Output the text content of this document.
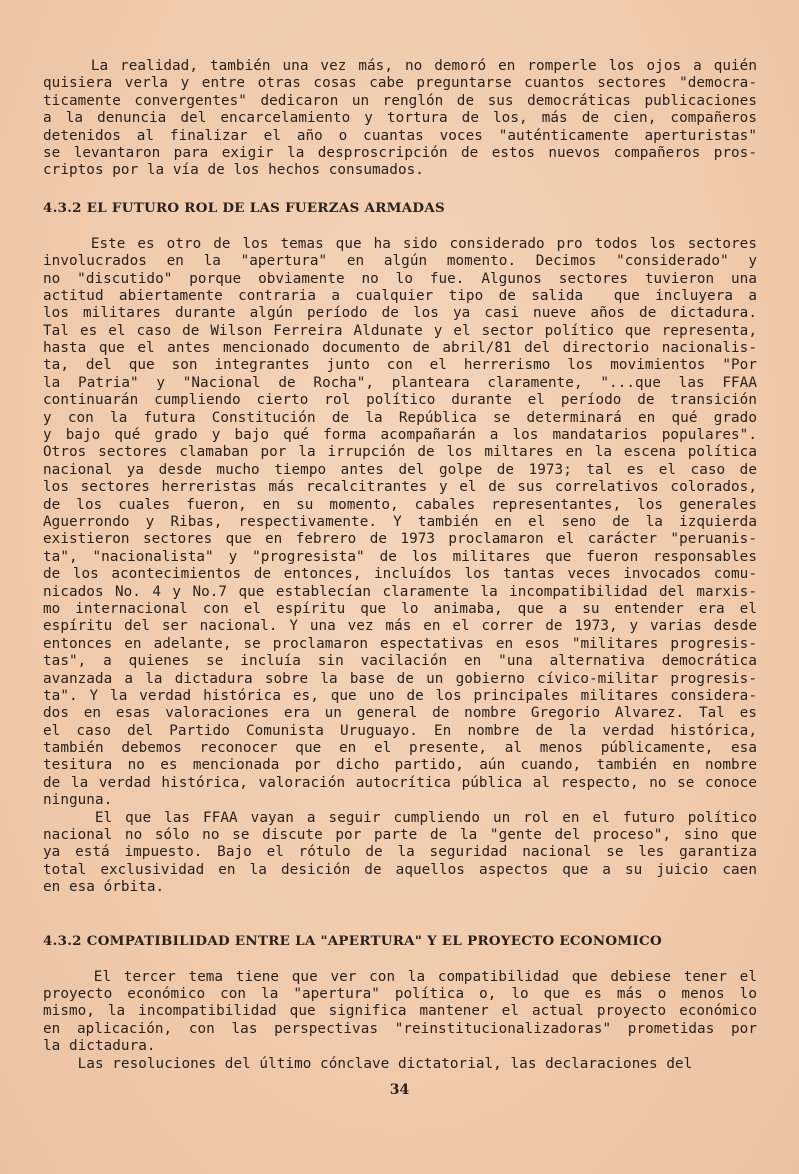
La realidad, también una vez más, no demoró en romperle los ojos a quién
quisiera verla y entre otras cosas cabe preguntarse cuantos sectores "democra-
ticamente convergentes" dedicaron un renglón de sus democráticas publicaciones
a la denuncia del encarcelamiento y tortura de los, más de cien, compañeros
detenidos al finalizar el año o cuantas voces "auténticamente aperturistas"
se levantaron para exigir la desproscripción de estos nuevos compañeros pros-
criptos por la vía de los hechos consumados.
4.3.2 EL FUTURO ROL DE LAS FUERZAS ARMADAS
Este es otro de los temas que ha sido considerado pro todos los sectores
involucrados en la "apertura" en algún momento. Decimos "considerado" y
no "discutido" porque obviamente no lo fue. Algunos sectores tuvieron una
actitud abiertamente contraria a cualquier tipo de salida  que incluyera a
los militares durante algún período de los ya casi nueve años de dictadura.
Tal es el caso de Wilson Ferreira Aldunate y el sector político que representa,
hasta que el antes mencionado documento de abril/81 del directorio nacionalis-
ta, del que son integrantes junto con el herrerismo los movimientos "Por
la Patria" y "Nacional de Rocha", planteara claramente, "...que las FFAA
continuarán cumpliendo cierto rol político durante el período de transición
y con la futura Constitución de la República se determinará en qué grado
y bajo qué grado y bajo qué forma acompañarán a los mandatarios populares".
Otros sectores clamaban por la irrupción de los miltares en la escena política
nacional ya desde mucho tiempo antes del golpe de 1973; tal es el caso de
los sectores herreristas más recalcitrantes y el de sus correlativos colorados,
de los cuales fueron, en su momento, cabales representantes, los generales
Aguerrondo y Ribas, respectivamente. Y también en el seno de la izquierda
existieron sectores que en febrero de 1973 proclamaron el carácter "peruanis-
ta", "nacionalista" y "progresista" de los militares que fueron responsables
de los acontecimientos de entonces, incluídos los tantas veces invocados comu-
nicados No. 4 y No.7 que establecían claramente la incompatibilidad del marxis-
mo internacional con el espíritu que lo animaba, que a su entender era el
espíritu del ser nacional. Y una vez más en el correr de 1973, y varias desde
entonces en adelante, se proclamaron espectativas en esos "militares progresis-
tas", a quienes se incluía sin vacilación en "una alternativa democrática
avanzada a la dictadura sobre la base de un gobierno cívico-militar progresis-
ta". Y la verdad histórica es, que uno de los principales militares considera-
dos en esas valoraciones era un general de nombre Gregorio Alvarez. Tal es
el caso del Partido Comunista Uruguayo. En nombre de la verdad histórica,
también debemos reconocer que en el presente, al menos públicamente, esa
tesitura no es mencionada por dicho partido, aún cuando, también en nombre
de la verdad histórica, valoración autocrítica pública al respecto, no se conoce
ninguna.
El que las FFAA vayan a seguir cumpliendo un rol en el futuro político
nacional no sólo no se discute por parte de la "gente del proceso", sino que
ya está impuesto. Bajo el rótulo de la seguridad nacional se les garantiza
total exclusividad en la desición de aquellos aspectos que a su juicio caen
en esa órbita.
4.3.2 COMPATIBILIDAD ENTRE LA "APERTURA" Y EL PROYECTO ECONOMICO
El tercer tema tiene que ver con la compatibilidad que debiese tener el
proyecto económico con la "apertura" política o, lo que es más o menos lo
mismo, la incompatibilidad que significa mantener el actual proyecto económico
en aplicación, con las perspectivas "reinstitucionalizadoras" prometidas por
la dictadura.
Las resoluciones del último cónclave dictatorial, las declaraciones del
34
